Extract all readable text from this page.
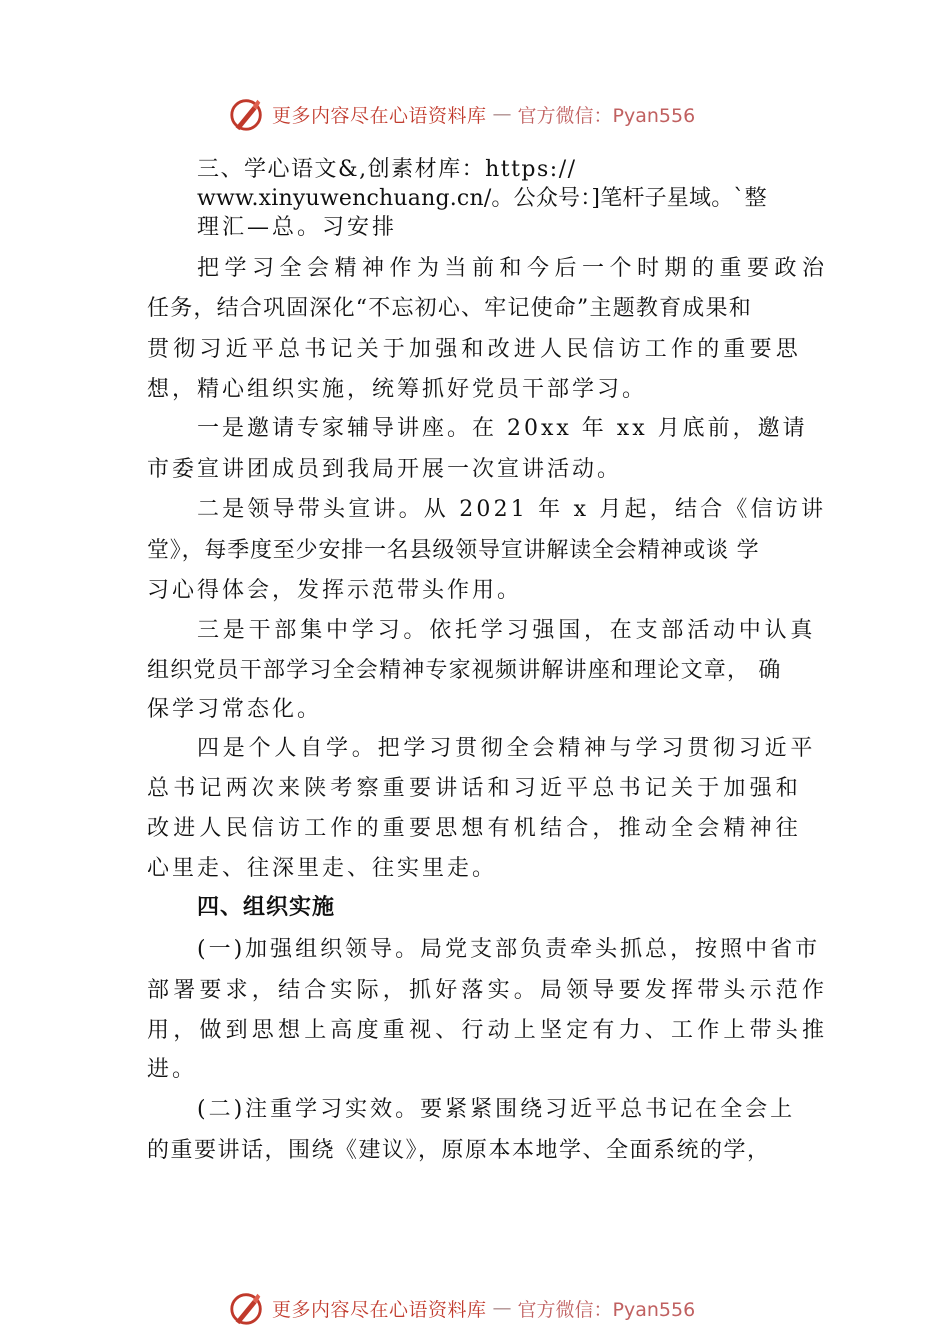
更多内容尽在心语资料库 — 官方微信：Pyan556
三、学心语文&,创素材库：https://
www.xinyuwenchuang.cn/。公众号：]笔杆子星域。`整
理汇—总。习安排
把学习全会精神作为当前和今后一个时期的重要政治
任务，结合巩固深化“不忘初心、牢记使命”主题教育成果和
贯彻习近平总书记关于加强和改进人民信访工作的重要思
想，精心组织实施，统筹抓好党员干部学习。
一是邀请专家辅导讲座。在 20xx 年 xx 月底前，邀请
市委宣讲团成员到我局开展一次宣讲活动。
二是领导带头宣讲。从 2021 年 x 月起，结合《信访讲
堂》，每季度至少安排一名县级领导宣讲解读全会精神或谈 学
习心得体会，发挥示范带头作用。
三是干部集中学习。依托学习强国，在支部活动中认真
组织党员干部学习全会精神专家视频讲解讲座和理论文章， 确
保学习常态化。
四是个人自学。把学习贯彻全会精神与学习贯彻习近平
总书记两次来陕考察重要讲话和习近平总书记关于加强和
改进人民信访工作的重要思想有机结合，推动全会精神往
心里走、往深里走、往实里走。
四、组织实施
(一)加强组织领导。局党支部负责牵头抓总，按照中省市
部署要求，结合实际，抓好落实。局领导要发挥带头示范作
用，做到思想上高度重视、行动上坚定有力、工作上带头推
进。
(二)注重学习实效。要紧紧围绕习近平总书记在全会上
的重要讲话，围绕《建议》，原原本本地学、全面系统的学，
更多内容尽在心语资料库 — 官方微信：Pyan556
